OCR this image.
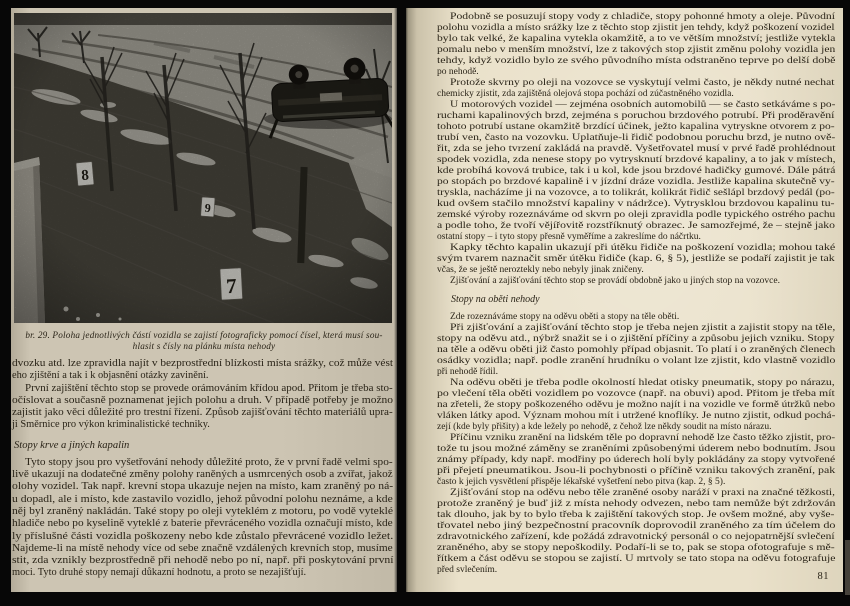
br. 29. Poloha jednotlivých částí vozidla se zajistí fotograficky pomocí čísel, která musí sou-
hlasit s čísly na plánku místa nehody
dvozku atd. lze zpravidla najít v bezprostřední blízkosti místa srážky, což může vést
eho zjištění a tak i k objasnění otázky zavinění.
První zajištění těchto stop se provede orámováním křídou apod. Přitom je třeba sto-
očíslovat a současně poznamenat jejich polohu a druh. V případě potřeby je možno
zajistit jako věci důležité pro trestní řízení. Způsob zajišťování těchto materiálů upra-
ji Směrnice pro výkon kriminalistické techniky.
Stopy krve a jiných kapalin
Tyto stopy jsou pro vyšetřování nehody důležité proto, že v první řadě velmi spo-
livě ukazují na dodatečné změny polohy raněných a usmrcených osob a zvířat, jakož
olohy vozidel. Tak např. krevní stopa ukazuje nejen na místo, kam zraněný po ná-
u dopadl, ale i místo, kde zastavilo vozidlo, jehož původní polohu neznáme, a kde
něj byl zraněný nakládán. Také stopy po oleji vyteklém z motoru, po vodě vyteklé
hladiče nebo po kyselině vyteklé z baterie převráceného vozidla označují místo, kde
ly příslušné části vozidla poškozeny nebo kde zůstalo převrácené vozidlo ležet.
Najdeme-li na místě nehody více od sebe značně vzdálených krevních stop, musíme
stit, zda vznikly bezprostředně při nehodě nebo po ní, např. při poskytování první
moci. Tyto druhé stopy nemají důkazní hodnotu, a proto se nezajišťují.
Podobně se posuzují stopy vody z chladiče, stopy pohonné hmoty a oleje. Původní
polohu vozidla a místo srážky lze z těchto stop zjistit jen tehdy, když poškození vozidel
bylo tak velké, že kapalina vytekla okamžitě, a to ve větším množství; jestliže vytekla
pomalu nebo v menším množství, lze z takových stop zjistit změnu polohy vozidla jen
tehdy, když vozidlo bylo ze svého původního místa odstraněno teprve po delší době
po nehodě.
Protože skvrny po oleji na vozovce se vyskytují velmi často, je někdy nutné nechat
chemicky zjistit, zda zajištěná olejová stopa pochází od zúčastněného vozidla.
U motorových vozidel — zejména osobních automobilů — se často setkáváme s po-
ruchami kapalinových brzd, zejména s poruchou brzdového potrubí. Při proděravění
tohoto potrubí ustane okamžitě brzdící účinek, ježto kapalina vytryskne otvorem z po-
trubí ven, často na vozovku. Uplatňuje-li řidič podobnou poruchu brzd, je nutno ově-
řit, zda se jeho tvrzení zakládá na pravdě. Vyšetřovatel musí v prvé řadě prohlédnout
spodek vozidla, zda nenese stopy po vytrysknutí brzdové kapaliny, a to jak v místech,
kde probíhá kovová trubice, tak i u kol, kde jsou brzdové hadičky gumové. Dále pátrá
po stopách po brzdové kapalině i v jízdní dráze vozidla. Jestliže kapalina skutečně vy-
tryskla, nacházíme ji na vozovce, a to tolikrát, kolikrát řidič sešlápl brzdový pedál (po-
kud ovšem stačilo množství kapaliny v nádržce). Vytrysklou brzdovou kapalinu tu-
zemské výroby rozeznáváme od skvrn po oleji zpravidla podle typického ostrého pachu
a podle toho, že tvoří vějířovitě rozstříknutý obrazec. Je samozřejmé, že – stejně jako
ostatní stopy – i tyto stopy přesně vyměříme a zakreslíme do náčrtku.
Kapky těchto kapalin ukazují při útěku řidiče na poškození vozidla; mohou také
svým tvarem naznačit směr útěku řidiče (kap. 6, § 5), jestliže se podaří zajistit je tak
včas, že se ještě neroztekly nebo nebyly jinak zničeny.
Zjišťování a zajišťování těchto stop se provádí obdobně jako u jiných stop na vozovce.
Stopy na oběti nehody
Zde rozeznáváme stopy na oděvu oběti a stopy na těle oběti.
Při zjišťování a zajišťování těchto stop je třeba nejen zjistit a zajistit stopy na těle,
stopy na oděvu atd., nýbrž snažit se i o zjištění příčiny a způsobu jejich vzniku. Stopy
na těle a oděvu oběti již často pomohly případ objasnit. To platí i o zraněných členech
osádky vozidla; např. podle zranění hrudníku o volant lze zjistit, kdo vlastně vozidlo
při nehodě řídil.
Na oděvu oběti je třeba podle okolností hledat otisky pneumatik, stopy po nárazu,
po vlečení těla oběti vozidlem po vozovce (např. na obuvi) apod. Přitom je třeba mít
na zřeteli, že stopy poškozeného oděvu je možno najít i na vozidle ve formě útržků nebo
vláken látky apod. Význam mohou mít i utržené knoflíky. Je nutno zjistit, odkud pochá-
zejí (kde byly přišity) a kde ležely po nehodě, z čehož lze někdy soudit na místo nárazu.
Příčinu vzniku zranění na lidském těle po dopravní nehodě lze často těžko zjistit, pro-
tože tu jsou možné záměny se zraněními způsobenými úderem nebo bodnutím. Jsou
známy případy, kdy např. modřiny po úderech holí byly pokládány za stopy vytvořené
při přejetí pneumatikou. Jsou-li pochybnosti o příčině vzniku takových zranění, pak
často k jejich vysvětlení přispěje lékařské vyšetření nebo pitva (kap. 2, § 5).
Zjišťování stop na oděvu nebo těle zraněné osoby naráží v praxi na značné těžkosti,
protože zraněný je buď již z místa nehody odvezen, nebo tam nemůže být zdržován
tak dlouho, jak by to bylo třeba k zajištění takových stop. Je ovšem možné, aby vyše-
třovatel nebo jiný bezpečnostní pracovník doprovodil zraněného za tím účelem do
zdravotnického zařízení, kde požádá zdravotnický personál o co nejopatrnější svlečení
zraněného, aby se stopy nepoškodily. Podaří-li se to, pak se stopa ofotografuje s mě-
řítkem a část oděvu se stopou se zajistí. U mrtvoly se tato stopa na oděvu fotografuje
před svlečením.
81
